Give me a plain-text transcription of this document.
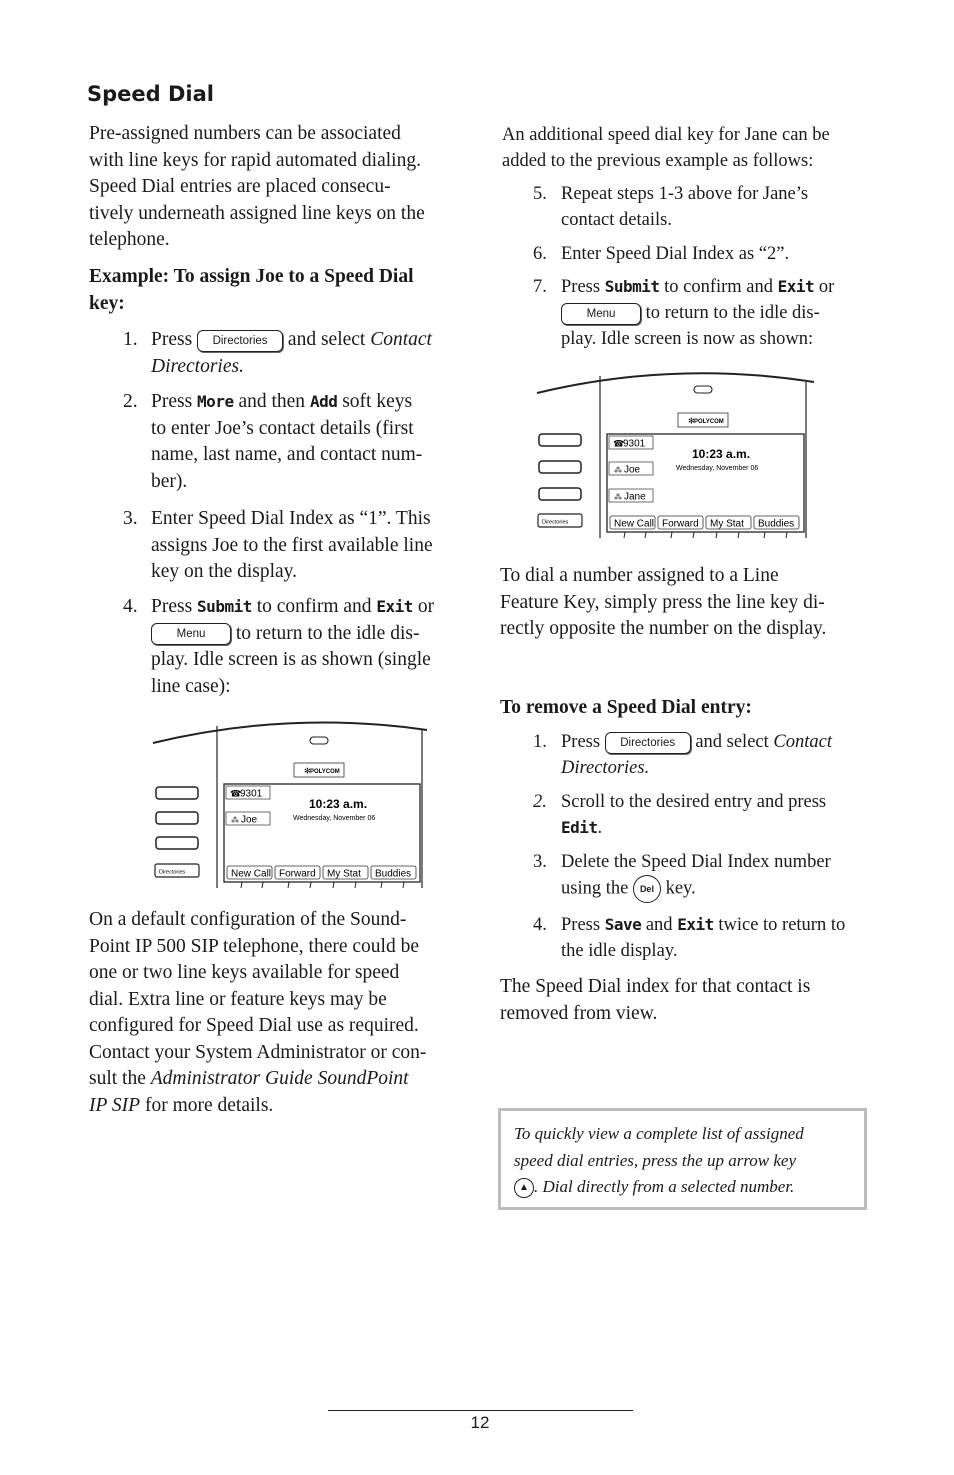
Speed Dial
Pre-assigned numbers can be associated
with line keys for rapid automated dialing.
Speed Dial entries are placed consecu-
tively underneath assigned line keys on the
telephone.
Example: To assign Joe to a Speed Dial
key:
1. Press Directories and select Contact
Directories.
2. Press More and then Add soft keys
to enter Joe’s contact details (first
name, last name, and contact num-
ber).
3. Enter Speed Dial Index as “1”. This
assigns Joe to the first available line
key on the display.
4. Press Submit to confirm and Exit or
Menu to return to the idle dis-
play. Idle screen is as shown (single
line case):
✻ POLYCOM
☎
9301
⁂ Joe
10:23 a.m.
Wednesday, November 06
Directories	New Call Forward My Stat Buddies
On a default configuration of the Sound-
Point IP 500 SIP telephone, there could be
one or two line keys available for speed
dial. Extra line or feature keys may be
configured for Speed Dial use as required.
Contact your System Administrator or con-
sult the Administrator Guide SoundPoint
IP SIP for more details.
An additional speed dial key for Jane can be
added to the previous example as follows:
5. Repeat steps 1-3 above for Jane’s
contact details.
6. Enter Speed Dial Index as “2”.
7. Press Submit to confirm and Exit or
Menu to return to the idle dis-
play. Idle screen is now as shown:
✻ POLYCOM
☎
9301
⁂ Joe
⁂ Jane
10:23 a.m.
Wednesday, November 06
Directories	New Call Forward My Stat Buddies
To dial a number assigned to a Line
Feature Key, simply press the line key di-
rectly opposite the number on the display.
To remove a Speed Dial entry:
1. Press Directories and select Contact
Directories.
2. Scroll to the desired entry and press
Edit.
3. Delete the Speed Dial Index number
using the Del key.
4. Press Save and Exit twice to return to
the idle display.
The Speed Dial index for that contact is
removed from view.
To quickly view a complete list of assigned
speed dial entries, press the up arrow key
▲ . Dial directly from a selected number.
12
